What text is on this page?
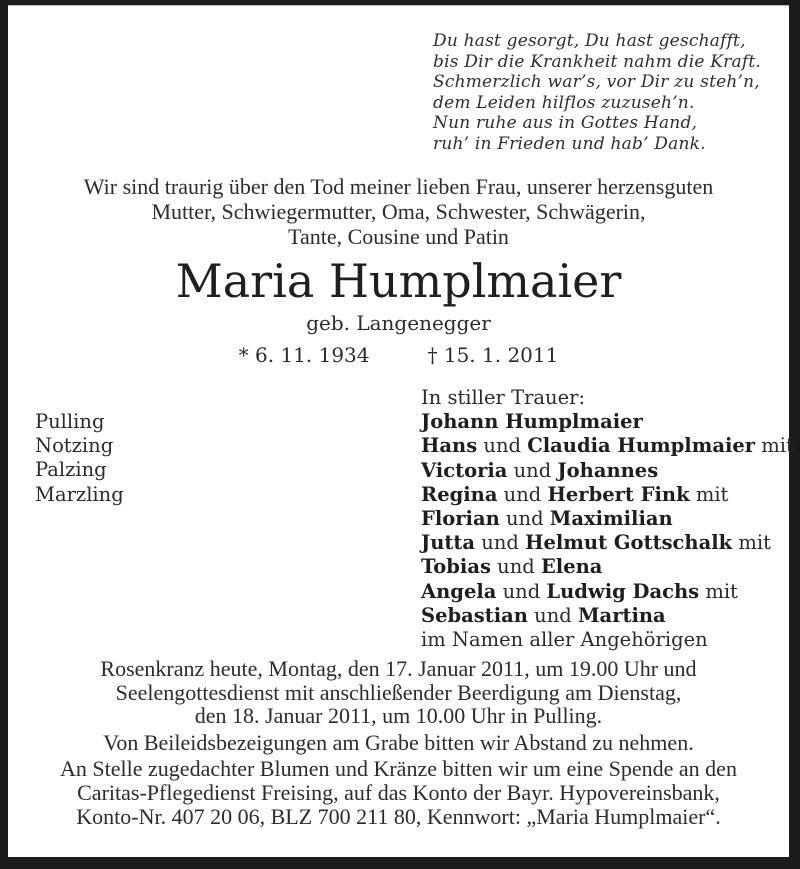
Du hast gesorgt, Du hast geschafft,
bis Dir die Krankheit nahm die Kraft.
Schmerzlich war’s, vor Dir zu steh’n,
dem Leiden hilflos zuzuseh’n.
Nun ruhe aus in Gottes Hand,
ruh’ in Frieden und hab’ Dank.
Wir sind traurig über den Tod meiner lieben Frau, unserer herzensguten
Mutter, Schwiegermutter, Oma, Schwester, Schwägerin,
Tante, Cousine und Patin
Maria Humplmaier
geb. Langenegger
* 6. 11. 1934	† 15. 1. 2011
Pulling
Notzing
Palzing
Marzling
In stiller Trauer:
Johann Humplmaier
Hans und Claudia Humplmaier mit
Victoria und Johannes
Regina und Herbert Fink mit
Florian und Maximilian
Jutta und Helmut Gottschalk mit
Tobias und Elena
Angela und Ludwig Dachs mit
Sebastian und Martina
im Namen aller Angehörigen
Rosenkranz heute, Montag, den 17. Januar 2011, um 19.00 Uhr und
Seelengottesdienst mit anschließender Beerdigung am Dienstag,
den 18. Januar 2011, um 10.00 Uhr in Pulling.
Von Beileidsbezeigungen am Grabe bitten wir Abstand zu nehmen.
An Stelle zugedachter Blumen und Kränze bitten wir um eine Spende an den
Caritas-Pflegedienst Freising, auf das Konto der Bayr. Hypovereinsbank,
Konto-Nr. 407 20 06, BLZ 700 211 80, Kennwort: „Maria Humplmaier“.
